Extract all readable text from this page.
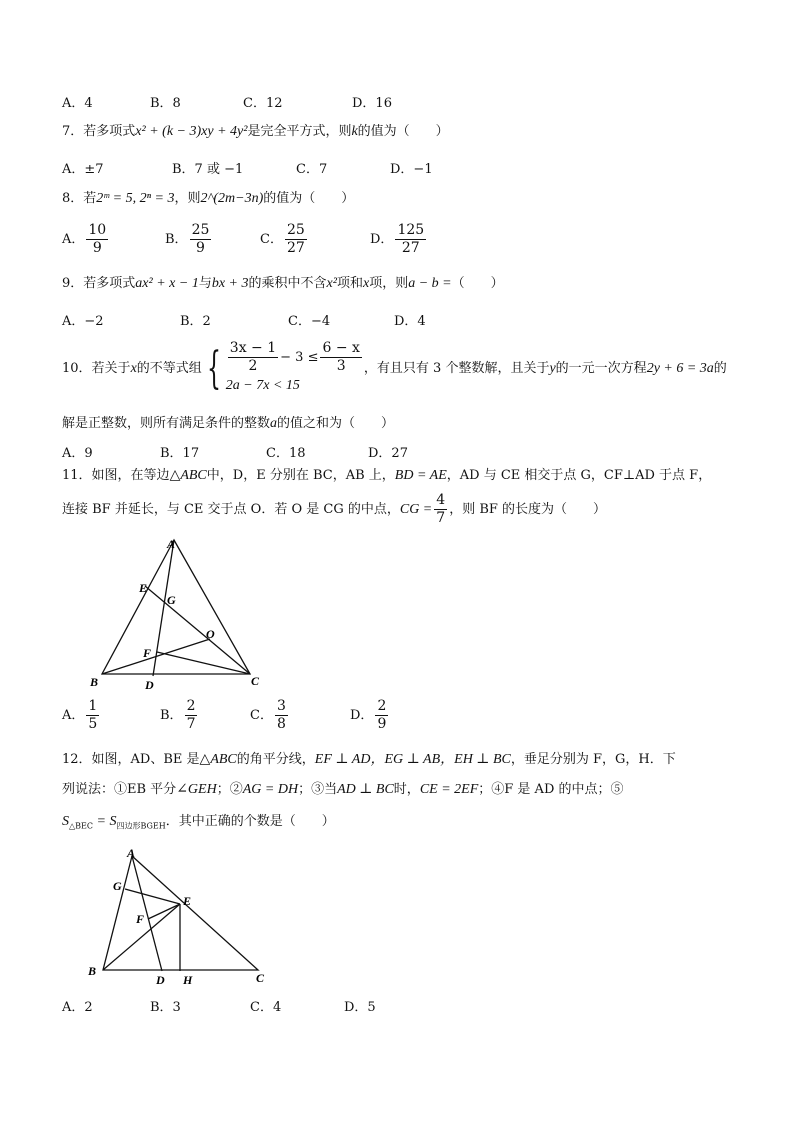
A．4	B．8	C．12	D．16
7．若多项式x² + (k − 3)xy + 4y²是完全平方式，则k的值为（　　）
A．±7	B．7 或 −1	C．7	D．−1
8．若2ᵐ = 5, 2ⁿ = 3，则2^(2m−3n)的值为（　　）
A． $\frac{10}{9}$	B． $\frac{25}{9}$	C． $\frac{25}{27}$	D． $\frac{125}{27}$
9．若多项式ax² + x − 1与bx + 3的乘积中不含x²项和x项，则a − b =（　　）
A．−2	B．2	C．−4	D．4
10．若关于x的不等式组 { $\frac{3x - 1}{2} - 3 \le \frac{6 - x}{3}$
2a − 7x < 15
，有且只有 3 个整数解，且关于y的一元一次方程2y + 6 = 3a的
解是正整数，则所有满足条件的整数a的值之和为（　　）
A．9	B．17	C．18	D．27
11．如图，在等边△ABC中，D，E 分别在 BC，AB 上，BD = AE，AD 与 CE 相交于点 G，CF⊥AD 于点 F，
连接 BF 并延长，与 CE 交于点 O．若 O 是 CG 的中点，CG = $\frac{4}{7}$ ，则 BF 的长度为（　　）
A
E
G
O
F
B	D	C
A． $\frac{1}{5}$	B． $\frac{2}{7}$	C． $\frac{3}{8}$	D． $\frac{2}{9}$
12．如图，AD、BE 是△ABC的角平分线，EF ⊥ AD，EG ⊥ AB，EH ⊥ BC，垂足分别为 F，G，H．下
列说法：①EB 平分∠GEH；②AG = DH；③当AD ⊥ BC时，CE = 2EF；④F 是 AD 的中点；⑤
$S_{\triangle BEC} = S_{四边形BGEH}$．其中正确的个数是（　　）
A
G
E
F
B
D H	C
A．2	B．3	C．4	D．5
